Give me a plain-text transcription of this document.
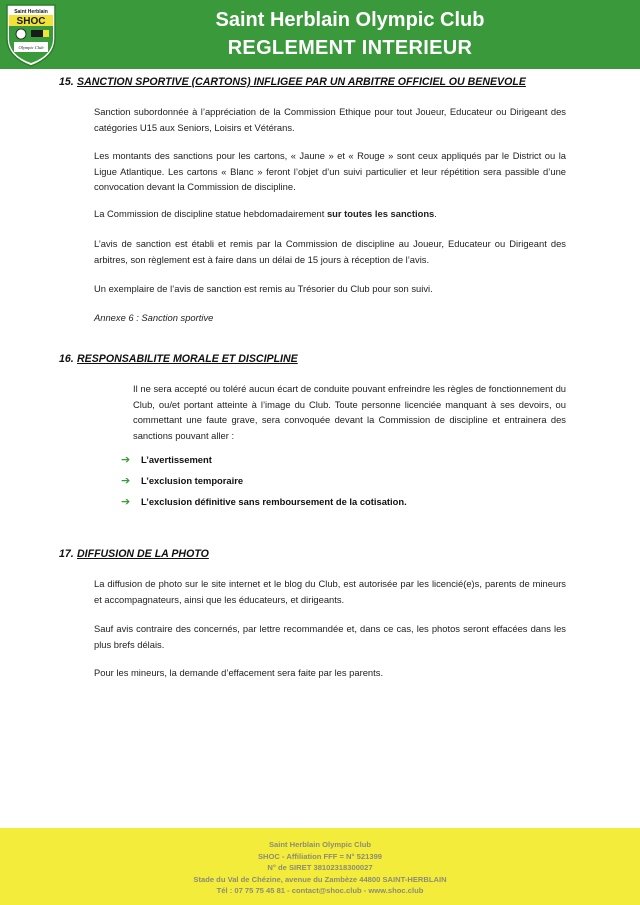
Saint Herblain
SHOC
Olympic Club
Saint Herblain Olympic Club
REGLEMENT INTERIEUR
15. SANCTION SPORTIVE (CARTONS) INFLIGEE PAR UN ARBITRE OFFICIEL OU BENEVOLE
Sanction subordonnée à l’appréciation de la Commission Ethique pour tout Joueur, Educateur ou Dirigeant des catégories U15 aux Seniors, Loisirs et Vétérans.
Les montants des sanctions pour les cartons, « Jaune » et « Rouge » sont ceux appliqués par le District ou la Ligue Atlantique. Les cartons « Blanc » feront l’objet d’un suivi particulier et leur répétition sera passible d’une convocation devant la Commission de discipline.
La Commission de discipline statue hebdomadairement sur toutes les sanctions.
L’avis de sanction est établi et remis par la Commission de discipline au Joueur, Educateur ou Dirigeant des arbitres, son règlement est à faire dans un délai de 15 jours à réception de l’avis.
Un exemplaire de l’avis de sanction est remis au Trésorier du Club pour son suivi.
Annexe 6 : Sanction sportive
16. RESPONSABILITE MORALE ET DISCIPLINE
Il ne sera accepté ou toléré aucun écart de conduite pouvant enfreindre les règles de fonctionnement du Club, ou/et portant atteinte à l’image du Club. Toute personne licenciée manquant à ses devoirs, ou commettant une faute grave, sera convoquée devant la Commission de discipline et entrainera des sanctions pouvant aller :
➔ L’avertissement
➔ L’exclusion temporaire
➔ L’exclusion définitive sans remboursement de la cotisation.
17. DIFFUSION DE LA PHOTO
La diffusion de photo sur le site internet et le blog du Club, est autorisée par les licencié(e)s, parents de mineurs et accompagnateurs, ainsi que les éducateurs, et dirigeants.
Sauf avis contraire des concernés, par lettre recommandée et, dans ce cas, les photos seront effacées dans les plus brefs délais.
Pour les mineurs, la demande d’effacement sera faite par les parents.
Saint Herblain Olympic Club
SHOC - Affiliation FFF = N° 521399
N° de SIRET 38102318300027
Stade du Val de Chézine, avenue du Zambèze 44800 SAINT-HERBLAIN
Tél : 07 75 75 45 81 - contact@shoc.club - www.shoc.club
